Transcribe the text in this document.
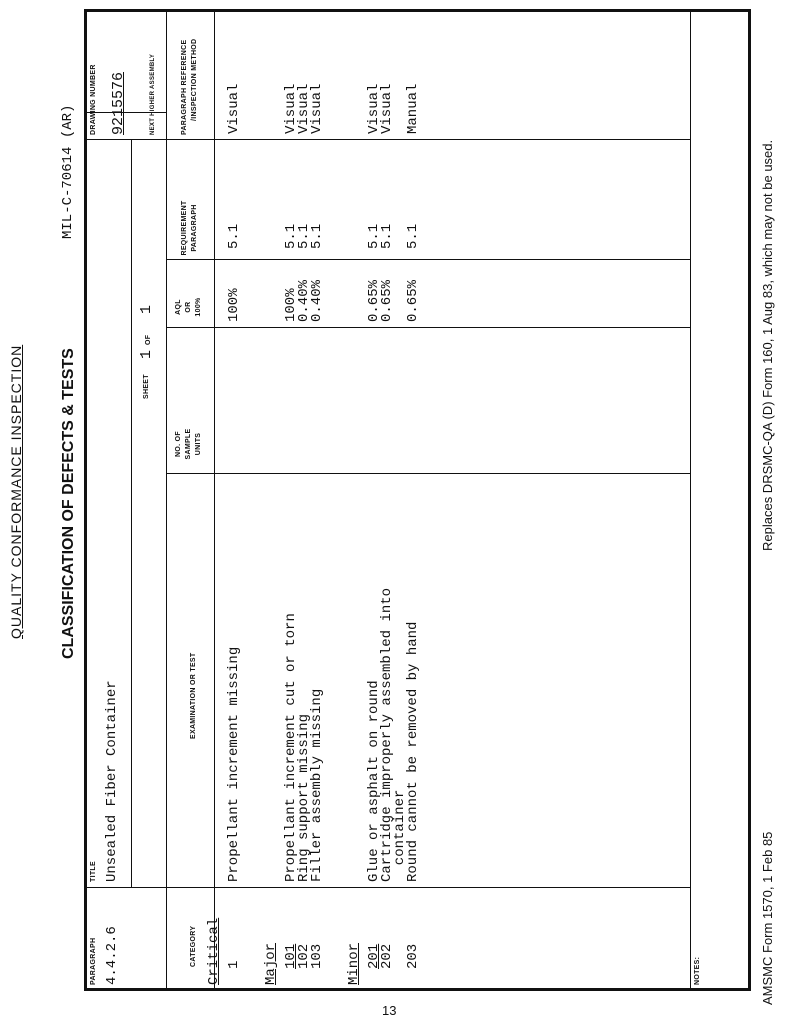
QUALITY CONFORMANCE INSPECTION CLASSIFICATION OF DEFECTS & TESTS
MIL-C-70614 (AR)
PARAGRAPH 4.4.2.6
TITLE Unsealed Fiber Container
SHEET
1
OF
1
DRAWING NUMBER 9215576	NEXT HIGHER ASSEMBLY
CATEGORY
EXAMINATION OR TEST
NO. OF SAMPLE UNITS
AQL OR 100%
REQUIREMENT PARAGRAPH
PARAGRAPH REFERENCE /INSPECTION METHOD
Critical 1
Propellant increment missing
100%
5.1
Visual
Major 101
Propellant increment cut or torn
100%
5.1
Visual
102
Ring support missing
0.40%
5.1
Visual
103
Filler assembly missing
0.40%
5.1
Visual
Minor 201
Glue or asphalt on round
0.65%
5.1
Visual
202
Cartridge improperly assembled into
container
0.65%
5.1
Visual
203
Round cannot be removed by hand
0.65%
5.1
Manual
NOTES:	AMSMC Form 1570, 1 Feb 85
Replaces DRSMC-QA (D) Form 160, 1 Aug 83, which may not be used.
13
